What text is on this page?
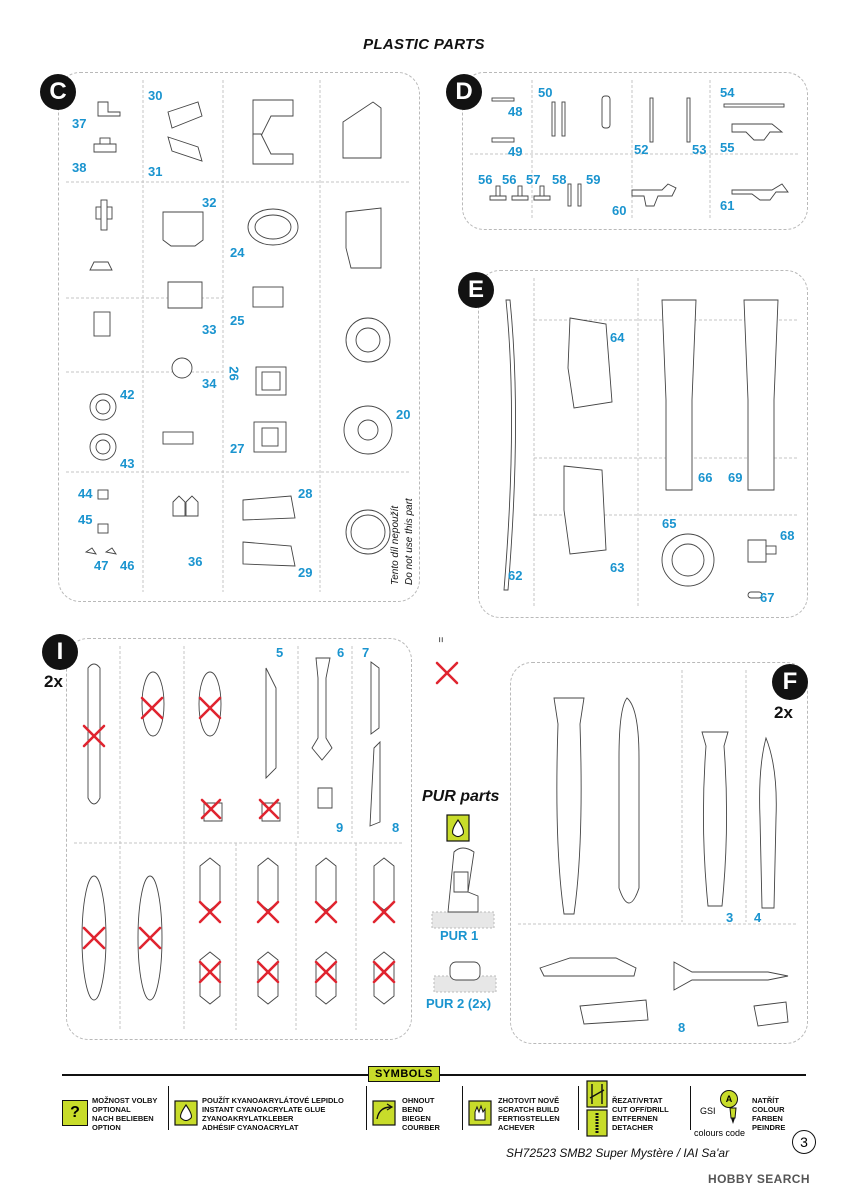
PLASTIC PARTS
C
37
38
30
31
32
24
33
25
34
26
42
43
27
20
44
45
47 46	36
28
29
D
48
49
50
52	53
54
55
56 56 57 58 59
60	61
E
64
66 69
65
68
67
62
63
Tento díl nepoužít Do not use this part
=
I
2x
5	6 7
9	8
PUR parts
PUR 1
PUR 2 (2x)
F
2x
3 4
8
SYMBOLS
?
MOŽNOST VOLBY
OPTIONAL
NACH BELIEBEN
OPTION
POUŽÍT KYANOAKRYLÁTOVÉ LEPIDLO
INSTANT CYANOACRYLATE GLUE
ZYANOAKRYLATKLEBER
ADHÉSIF CYANOACRYLAT
OHNOUT
BEND
BIEGEN
COURBER
ZHOTOVIT NOVĚ
SCRATCH BUILD
FERTIGSTELLEN
ACHEVER
ŘEZAT/VRTAT
CUT OFF/DRILL
ENTFERNEN
DETACHER
GSI
A
colours code
NATŘÍT
COLOUR
FARBEN
PEINDRE
SH72523 SMB2 Super Mystère / IAI Sa'ar
3
HOBBY SEARCH
